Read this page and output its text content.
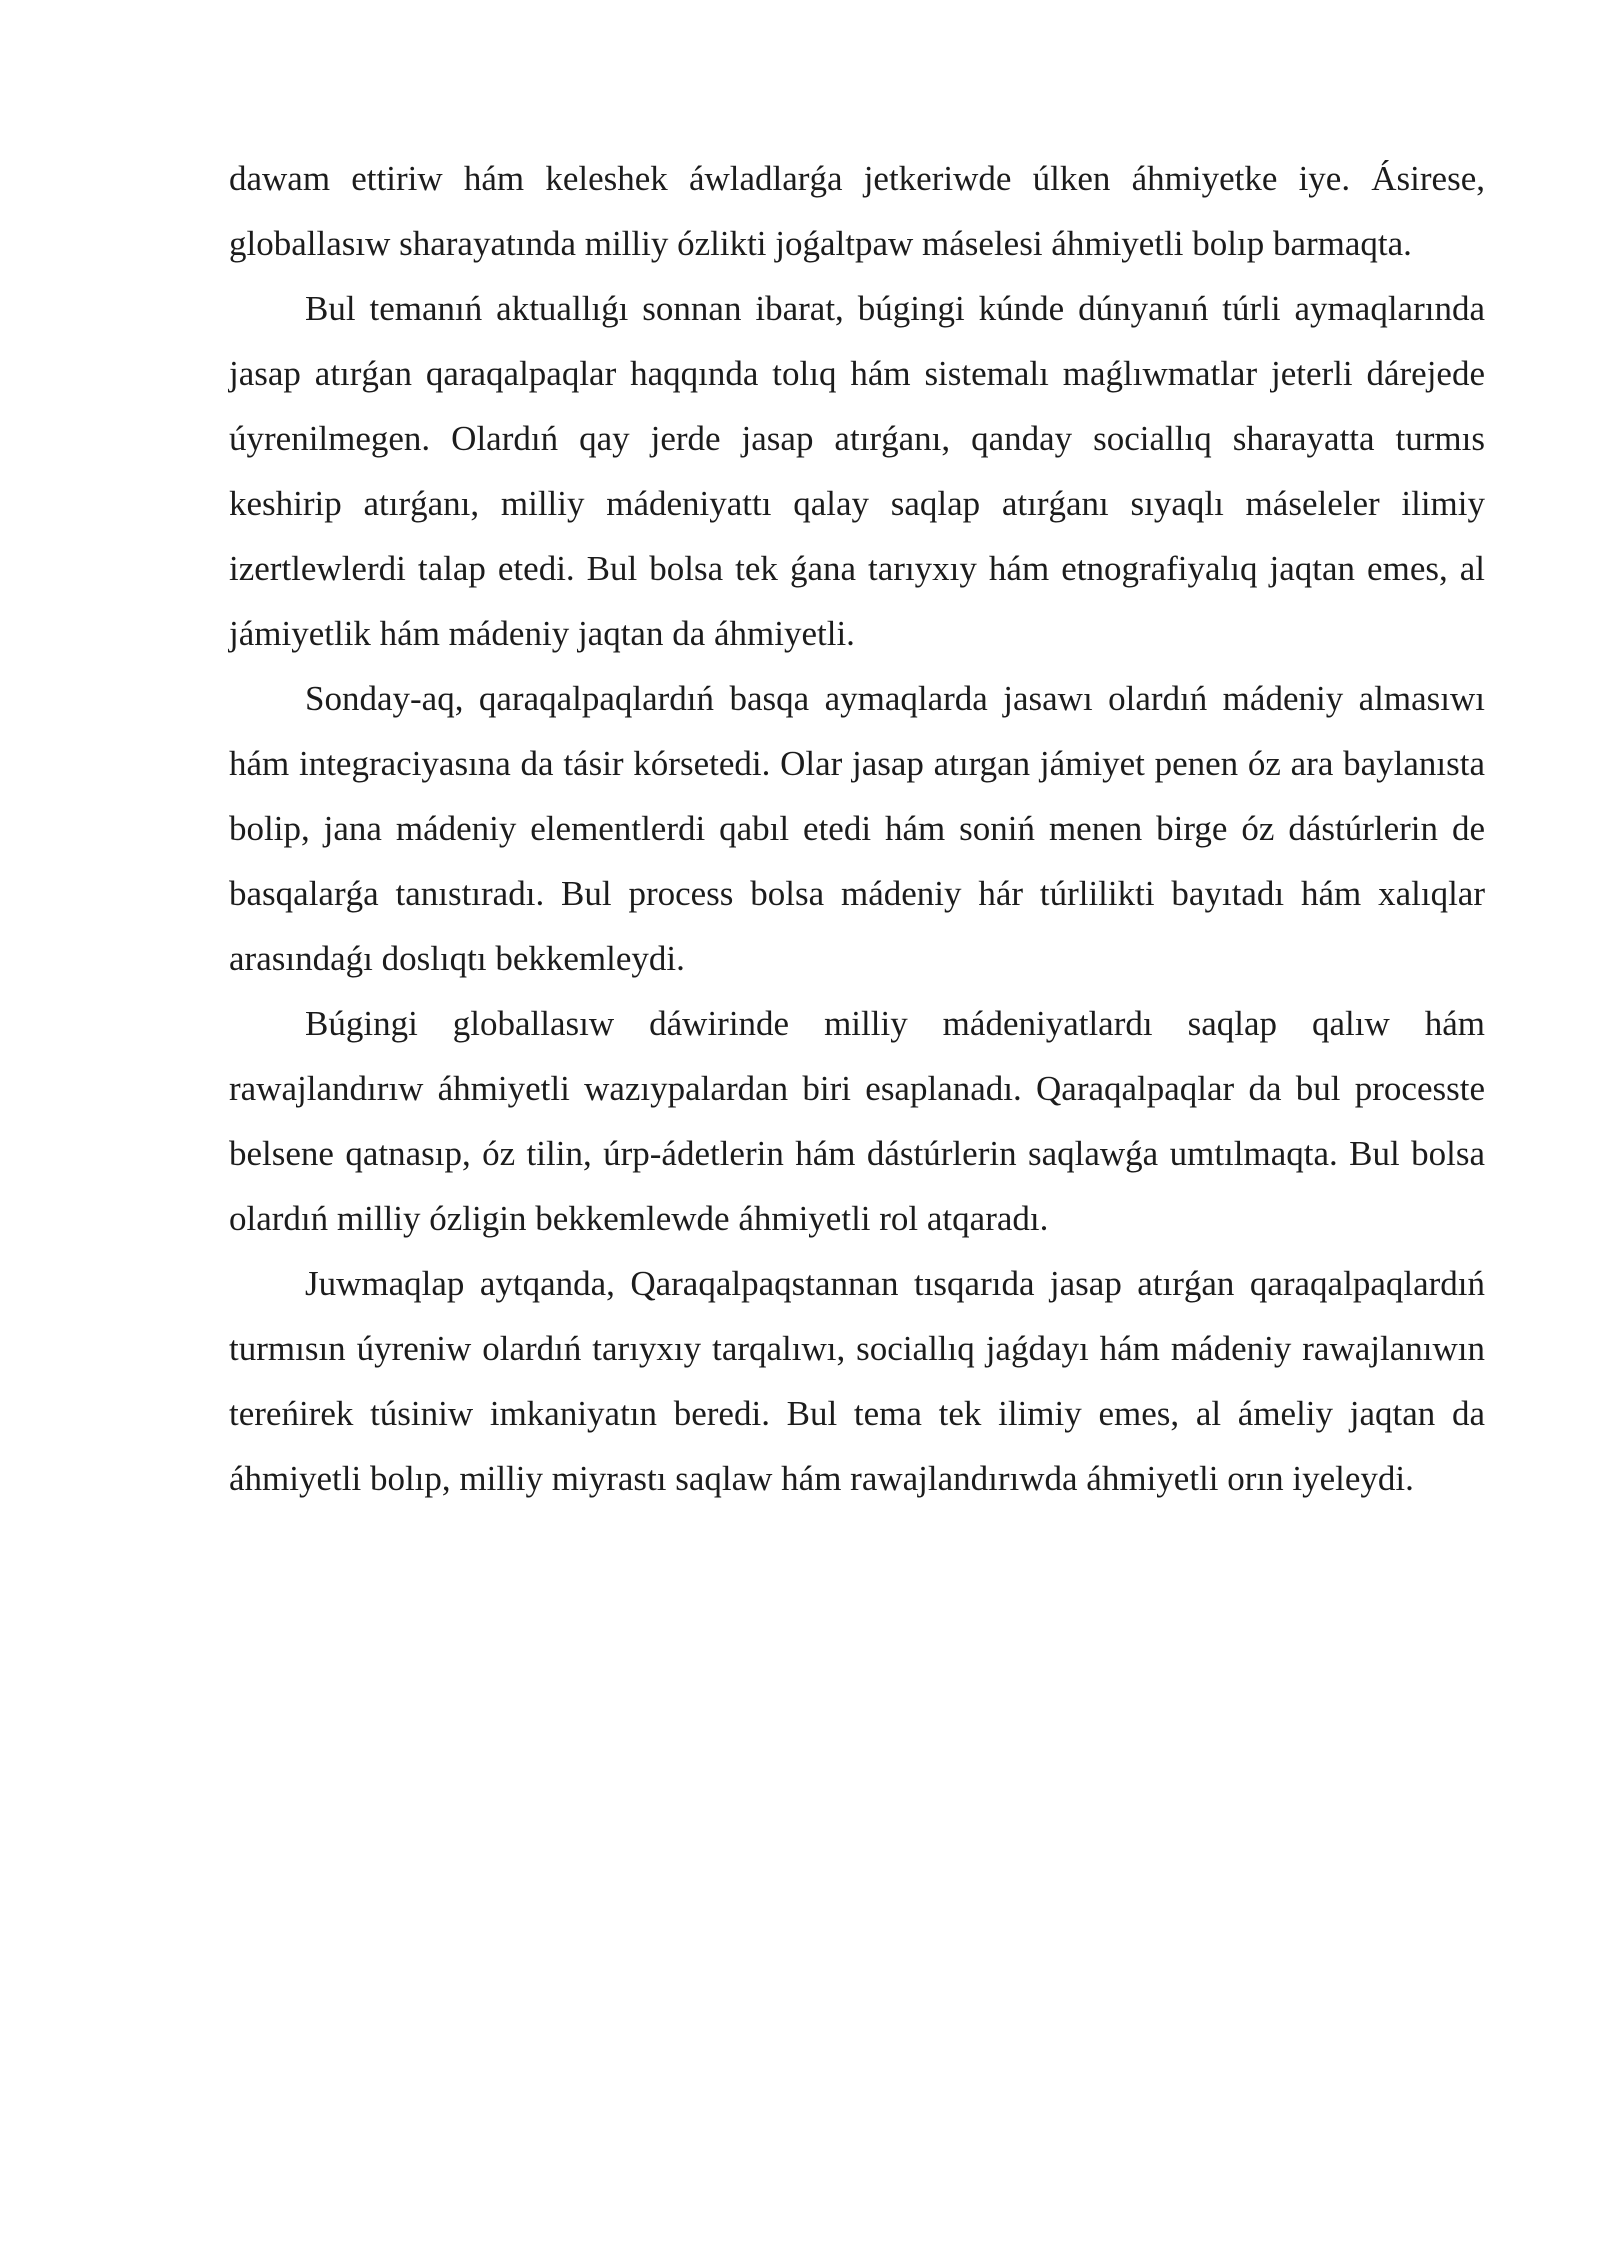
dawam ettiriw hám keleshek áwladlarǵa jetkeriwde úlken áhmiyetke iye. Ásirese, globallasıw sharayatında milliy ózlikti joǵaltpaw máselesi áhmiyetli bolıp barmaqta.

Bul temanıń aktuallıǵı sonnan ibarat, búgingi kúnde dúnyanıń túrli aymaqlarında jasap atırǵan qaraqalpaqlar haqqında tolıq hám sistemalı maǵlıwmatlar jeterli dárejede úyrenilmegen. Olardıń qay jerde jasap atırǵanı, qanday sociallıq sharayatta turmıs keshirip atırǵanı, milliy mádeniyattı qalay saqlap atırǵanı sıyaqlı máseleler ilimiy izertlewlerdi talap etedi. Bul bolsa tek ǵana tarıyxıy hám etnografiyalıq jaqtan emes, al jámiyetlik hám mádeniy jaqtan da áhmiyetli.

Sonday-aq, qaraqalpaqlardıń basqa aymaqlarda jasawı olardıń mádeniy almasıwı hám integraciyasına da tásir kórsetedi. Olar jasap atırgan jámiyet penen óz ara baylanısta bolip, jana mádeniy elementlerdi qabıl etedi hám soniń menen birge óz dástúrlerin de basqalarǵa tanıstıradı. Bul process bolsa mádeniy hár túrlilikti bayıtadı hám xalıqlar arasındaǵı doslıqtı bekkemleydi.

Búgingi globallasıw dáwirinde milliy mádeniyatlardı saqlap qalıw hám rawajlandırıw áhmiyetli wazıypalardan biri esaplanadı. Qaraqalpaqlar da bul processte belsene qatnasıp, óz tilin, úrp-ádetlerin hám dástúrlerin saqlawǵa umtılmaqta. Bul bolsa olardıń milliy ózligin bekkemlewde áhmiyetli rol atqaradı.

Juwmaqlap aytqanda, Qaraqalpaqstannan tısqarıda jasap atırǵan qaraqalpaqlardıń turmısın úyreniw olardıń tarıyxıy tarqalıwı, sociallıq jaǵdayı hám mádeniy rawajlanıwın tereńirek túsiniw imkaniyatın beredi. Bul tema tek ilimiy emes, al ámeliy jaqtan da áhmiyetli bolıp, milliy miyrastı saqlaw hám rawajlandırıwda áhmiyetli orın iyeleydi.
